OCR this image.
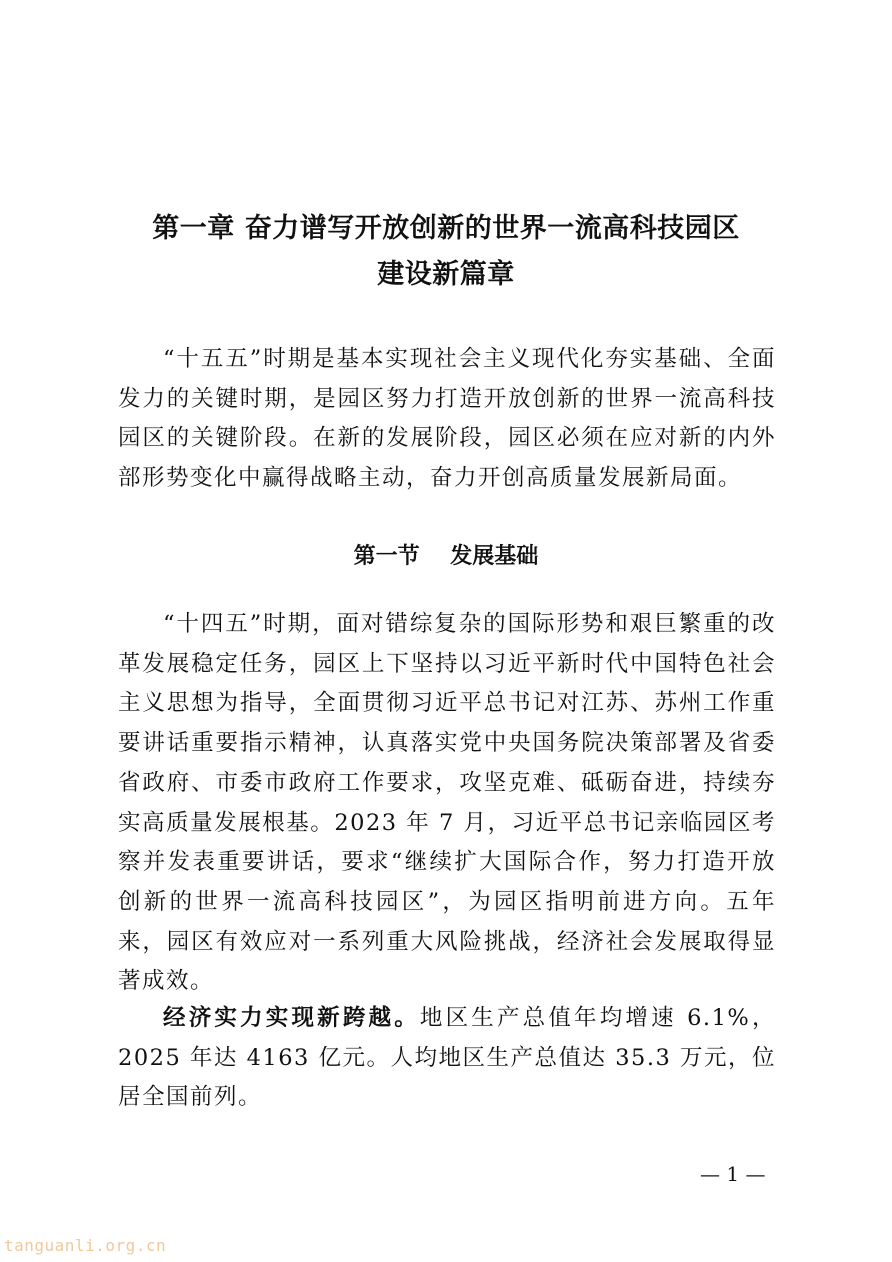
第一章 奋力谱写开放创新的世界一流高科技园区
建设新篇章

“十五五”时期是基本实现社会主义现代化夯实基础、全面发力的关键时期，是园区努力打造开放创新的世界一流高科技园区的关键阶段。在新的发展阶段，园区必须在应对新的内外部形势变化中赢得战略主动，奋力开创高质量发展新局面。

第一节    发展基础

“十四五”时期，面对错综复杂的国际形势和艰巨繁重的改革发展稳定任务，园区上下坚持以习近平新时代中国特色社会主义思想为指导，全面贯彻习近平总书记对江苏、苏州工作重要讲话重要指示精神，认真落实党中央国务院决策部署及省委省政府、市委市政府工作要求，攻坚克难、砥砺奋进，持续夯实高质量发展根基。2023 年 7 月，习近平总书记亲临园区考察并发表重要讲话，要求“继续扩大国际合作，努力打造开放创新的世界一流高科技园区”，为园区指明前进方向。五年来，园区有效应对一系列重大风险挑战，经济社会发展取得显著成效。

经济实力实现新跨越。地区生产总值年均增速 6.1%，2025 年达 4163 亿元。人均地区生产总值达 35.3 万元，位居全国前列。

— 1 —
tanguanli.org.cn
